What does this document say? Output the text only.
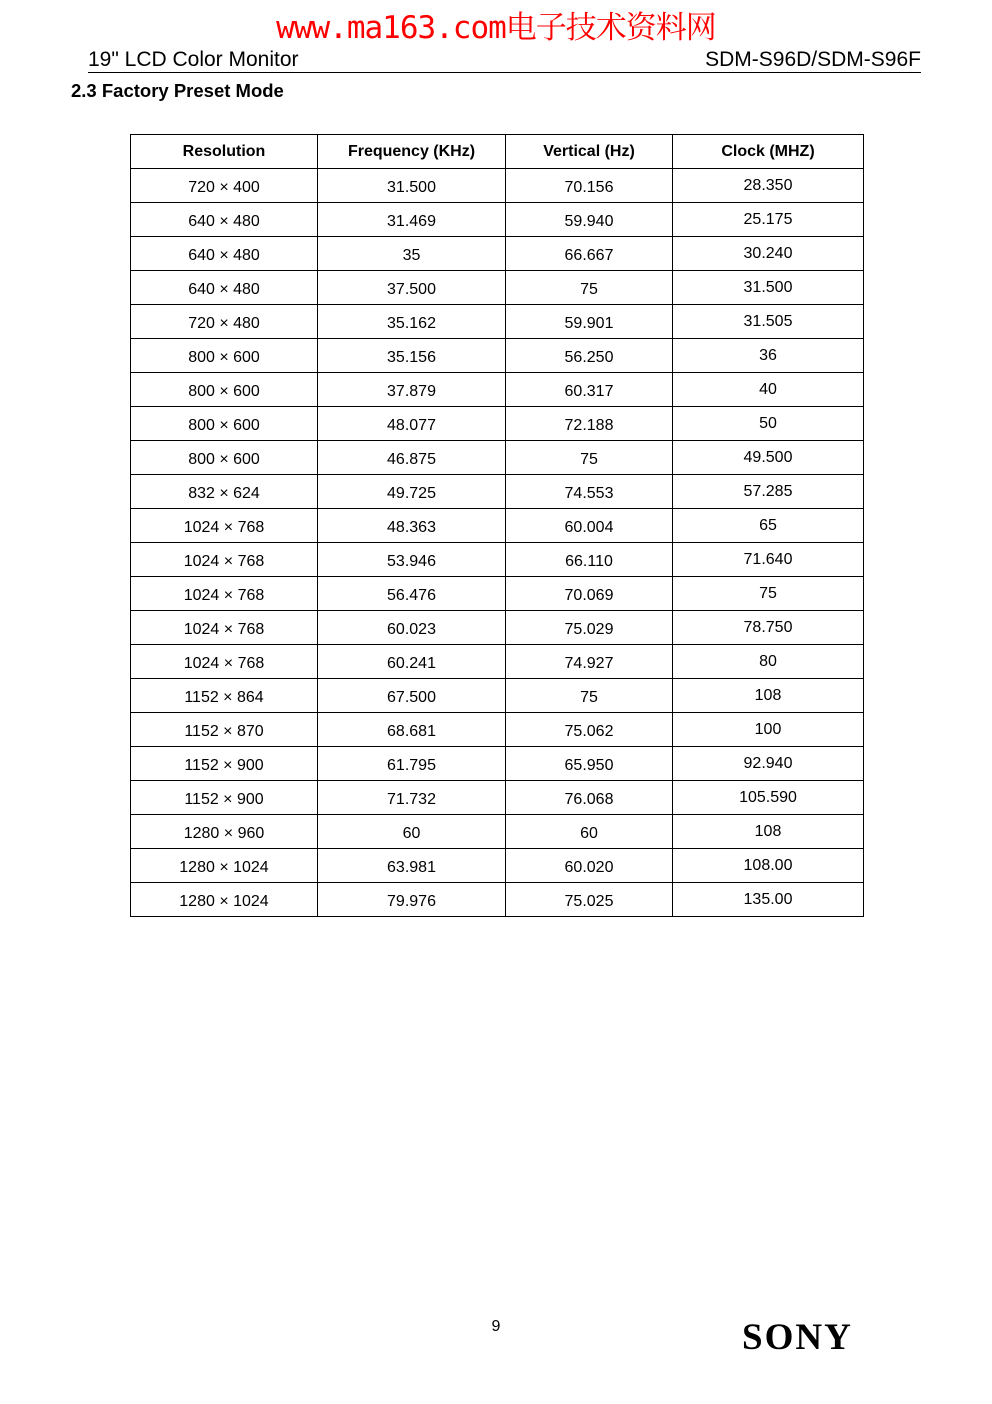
www.ma163.com电子技术资料网
19" LCD Color Monitor	SDM-S96D/SDM-S96F
2.3 Factory Preset Mode
Resolution	Frequency (KHz)	Vertical (Hz)	Clock (MHZ)
720 × 400	31.500	70.156	28.350
640 × 480	31.469	59.940	25.175
640 × 480	35	66.667	30.240
640 × 480	37.500	75	31.500
720 × 480	35.162	59.901	31.505
800 × 600	35.156	56.250	36
800 × 600	37.879	60.317	40
800 × 600	48.077	72.188	50
800 × 600	46.875	75	49.500
832 × 624	49.725	74.553	57.285
1024 × 768	48.363	60.004	65
1024 × 768	53.946	66.110	71.640
1024 × 768	56.476	70.069	75
1024 × 768	60.023	75.029	78.750
1024 × 768	60.241	74.927	80
1152 × 864	67.500	75	108
1152 × 870	68.681	75.062	100
1152 × 900	61.795	65.950	92.940
1152 × 900	71.732	76.068	105.590
1280 × 960	60	60	108
1280 × 1024	63.981	60.020	108.00
1280 × 1024	79.976	75.025	135.00
9	SONY
